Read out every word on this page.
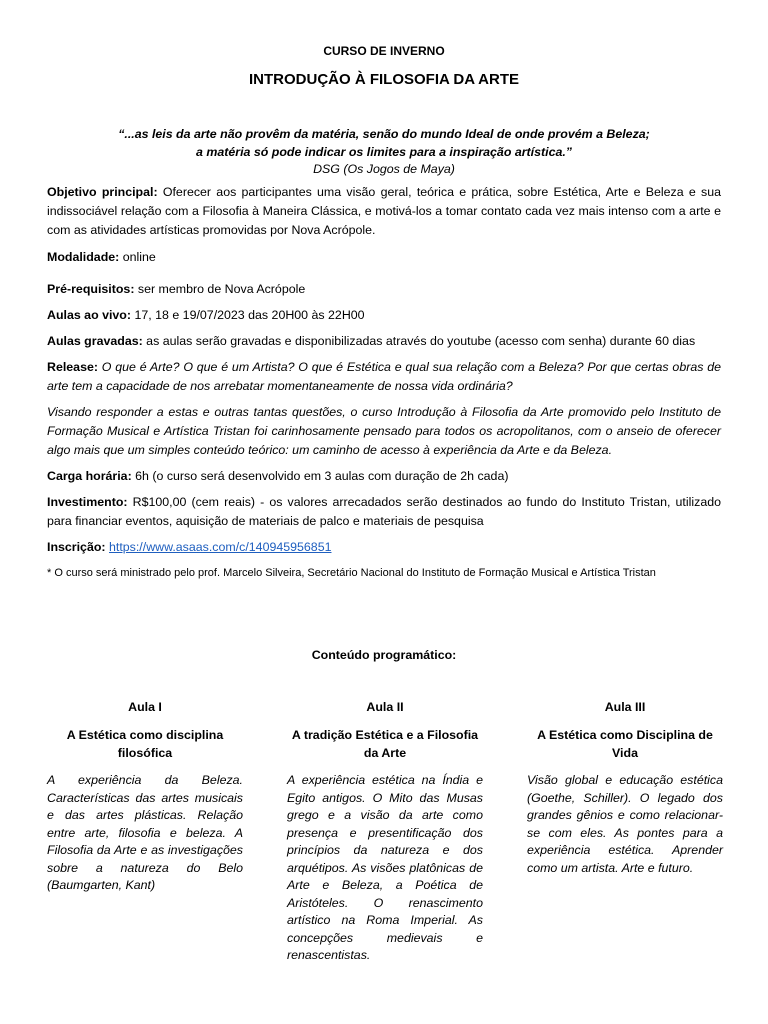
CURSO DE INVERNO
INTRODUÇÃO À FILOSOFIA DA ARTE
“...as leis da arte não provêm da matéria, senão do mundo Ideal de onde provém a Beleza;
a matéria só pode indicar os limites para a inspiração artística.”
DSG (Os Jogos de Maya)

Objetivo principal: Oferecer aos participantes uma visão geral, teórica e prática, sobre Estética, Arte e Beleza e sua indissociável relação com a Filosofia à Maneira Clássica, e motivá-los a tomar contato cada vez mais intenso com a arte e com as atividades artísticas promovidas por Nova Acrópole.

Modalidade: online

Pré-requisitos: ser membro de Nova Acrópole

Aulas ao vivo: 17, 18 e 19/07/2023 das 20H00 às 22H00

Aulas gravadas: as aulas serão gravadas e disponibilizadas através do youtube (acesso com senha) durante 60 dias

Release: O que é Arte? O que é um Artista? O que é Estética e qual sua relação com a Beleza? Por que certas obras de arte tem a capacidade de nos arrebatar momentaneamente de nossa vida ordinária?

Visando responder a estas e outras tantas questões, o curso Introdução à Filosofia da Arte promovido pelo Instituto de Formação Musical e Artística Tristan foi carinhosamente pensado para todos os acropolitanos, com o anseio de oferecer algo mais que um simples conteúdo teórico: um caminho de acesso à experiência da Arte e da Beleza.

Carga horária: 6h (o curso será desenvolvido em 3 aulas com duração de 2h cada)

Investimento: R$100,00 (cem reais) - os valores arrecadados serão destinados ao fundo do Instituto Tristan, utilizado para financiar eventos, aquisição de materiais de palco e materiais de pesquisa

Inscrição: https://www.asaas.com/c/140945956851

* O curso será ministrado pelo prof. Marcelo Silveira, Secretário Nacional do Instituto de Formação Musical e Artística Tristan

Conteúdo programático:
Aula I
A Estética como disciplina filosófica
A experiência da Beleza. Características das artes musicais e das artes plásticas. Relação entre arte, filosofia e beleza. A Filosofia da Arte e as investigações sobre a natureza do Belo (Baumgarten, Kant)
Aula II
A tradição Estética e a Filosofia da Arte
A experiência estética na Índia e Egito antigos. O Mito das Musas grego e a visão da arte como presença e presentificação dos princípios da natureza e dos arquétipos. As visões platônicas de Arte e Beleza, a Poética de Aristóteles. O renascimento artístico na Roma Imperial. As concepções medievais e renascentistas.
Aula III
A Estética como Disciplina de Vida
Visão global e educação estética (Goethe, Schiller). O legado dos grandes gênios e como relacionar-se com eles. As pontes para a experiência estética. Aprender como um artista. Arte e futuro.
